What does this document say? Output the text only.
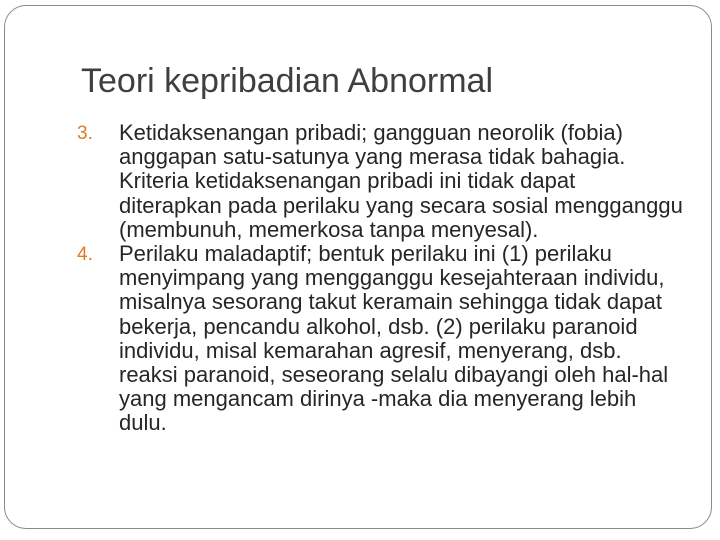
Teori kepribadian Abnormal
3. Ketidaksenangan pribadi; gangguan neorolik (fobia) anggapan satu-satunya yang merasa tidak bahagia. Kriteria ketidaksenangan pribadi ini tidak dapat diterapkan pada perilaku yang secara sosial mengganggu (membunuh, memerkosa tanpa menyesal).
4. Perilaku maladaptif; bentuk perilaku ini (1) perilaku menyimpang yang mengganggu kesejahteraan individu, misalnya sesorang takut keramain sehingga tidak dapat bekerja, pencandu alkohol, dsb. (2) perilaku paranoid individu, misal kemarahan agresif, menyerang, dsb. reaksi paranoid, seseorang selalu dibayangi oleh hal-hal yang mengancam dirinya -maka dia menyerang lebih dulu.
